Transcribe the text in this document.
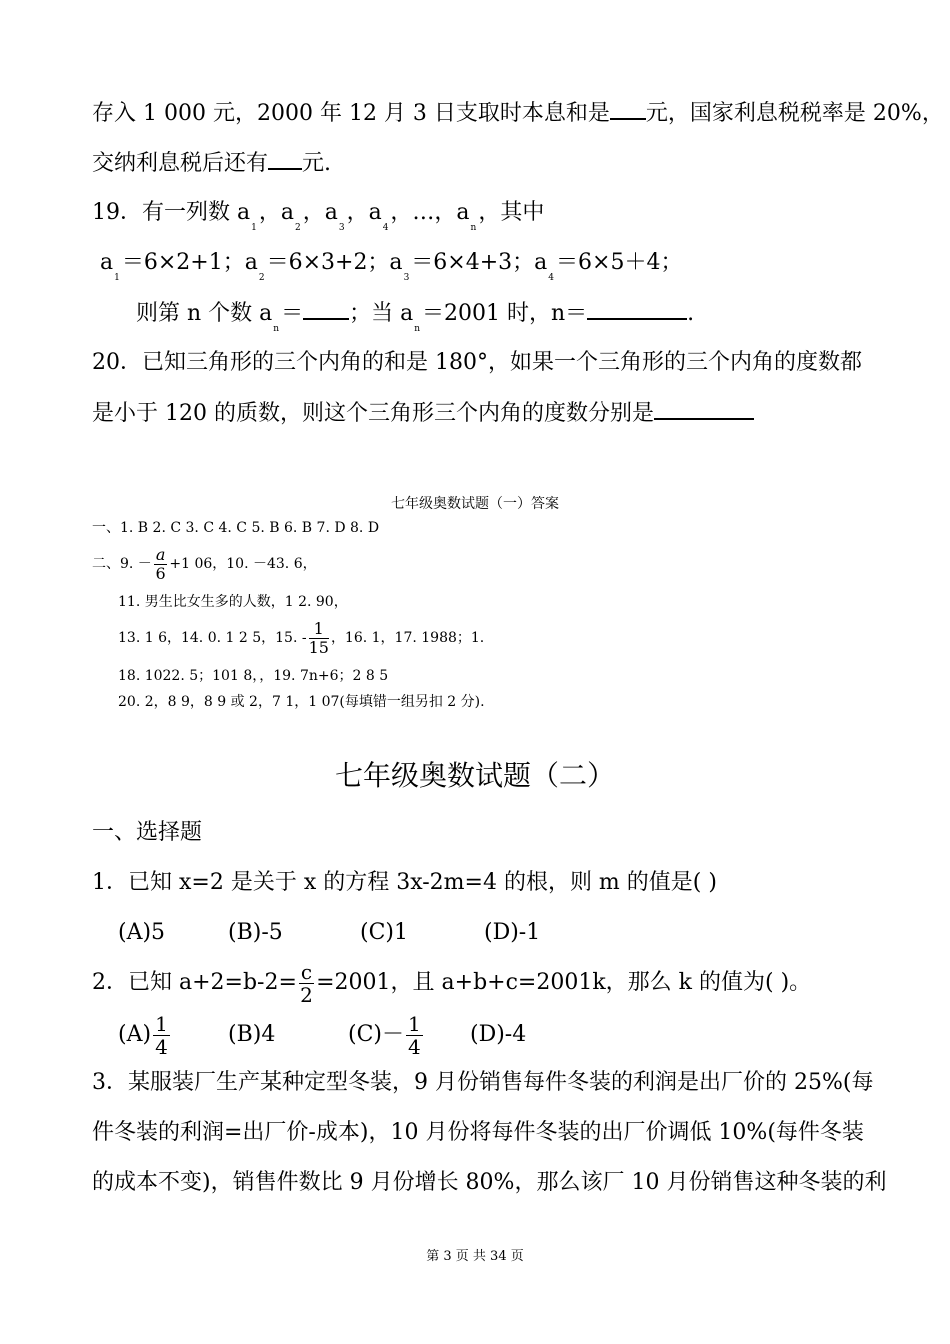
存入 1 000 元，2000 年 12 月 3 日支取时本息和是 元，国家利息税税率是 20%，
交纳利息税后还有 元.
19．有一列数 $a_1$，$a_2$，$a_3$，$a_4$，…，$a_n$，其中
$a_1=6\times 2+1$；$a_2=6\times 3+2$；$a_3=6\times 4+3$；$a_4=6\times 5+4$；
则第 n 个数 $a_n=$ ；当 $a_n=2001$ 时，n＝	.
20．已知三角形的三个内角的和是 180°，如果一个三角形的三个内角的度数都
是小于 120 的质数，则这个三角形三个内角的度数分别是
七年级奥数试题（一）答案
一、1. B 2. C 3. C 4. C 5. B 6. B 7. D 8. D
二、9. － $\frac{a}{6} +1$ 06，10. －43. 6，
11. 男生比女生多的人数，1 2. 90，
13. 1 6，14. 0. 1 2 5，15. - $\frac{1}{15}$ ，16. 1，17. 1988；1.
18. 1022. 5；101 8，，19. 7n+6；2 8 5
20. 2，8 9，8 9 或 2，7 1，1 07(每填错一组另扣 2 分).
七年级奥数试题（二）
一、选择题
1．已知 x=2 是关于 x 的方程 3x-2m=4 的根，则 m 的值是( )
(A)5	(B)-5	(C)1	(D)-1
2．已知 $a+2=b-2= \frac{c}{2} =2001$，且 a+b+c=2001k，那么 k 的值为( )。
$(A) \frac{1}{4}$	(B)4	$(C)- \frac{1}{4} (D)-4$
3．某服装厂生产某种定型冬装，9 月份销售每件冬装的利润是出厂价的 25%(每
件冬装的利润=出厂价-成本)，10 月份将每件冬装的出厂价调低 10%(每件冬装
的成本不变)，销售件数比 9 月份增长 80%，那么该厂 10 月份销售这种冬装的利
第 3 页 共 34 页
